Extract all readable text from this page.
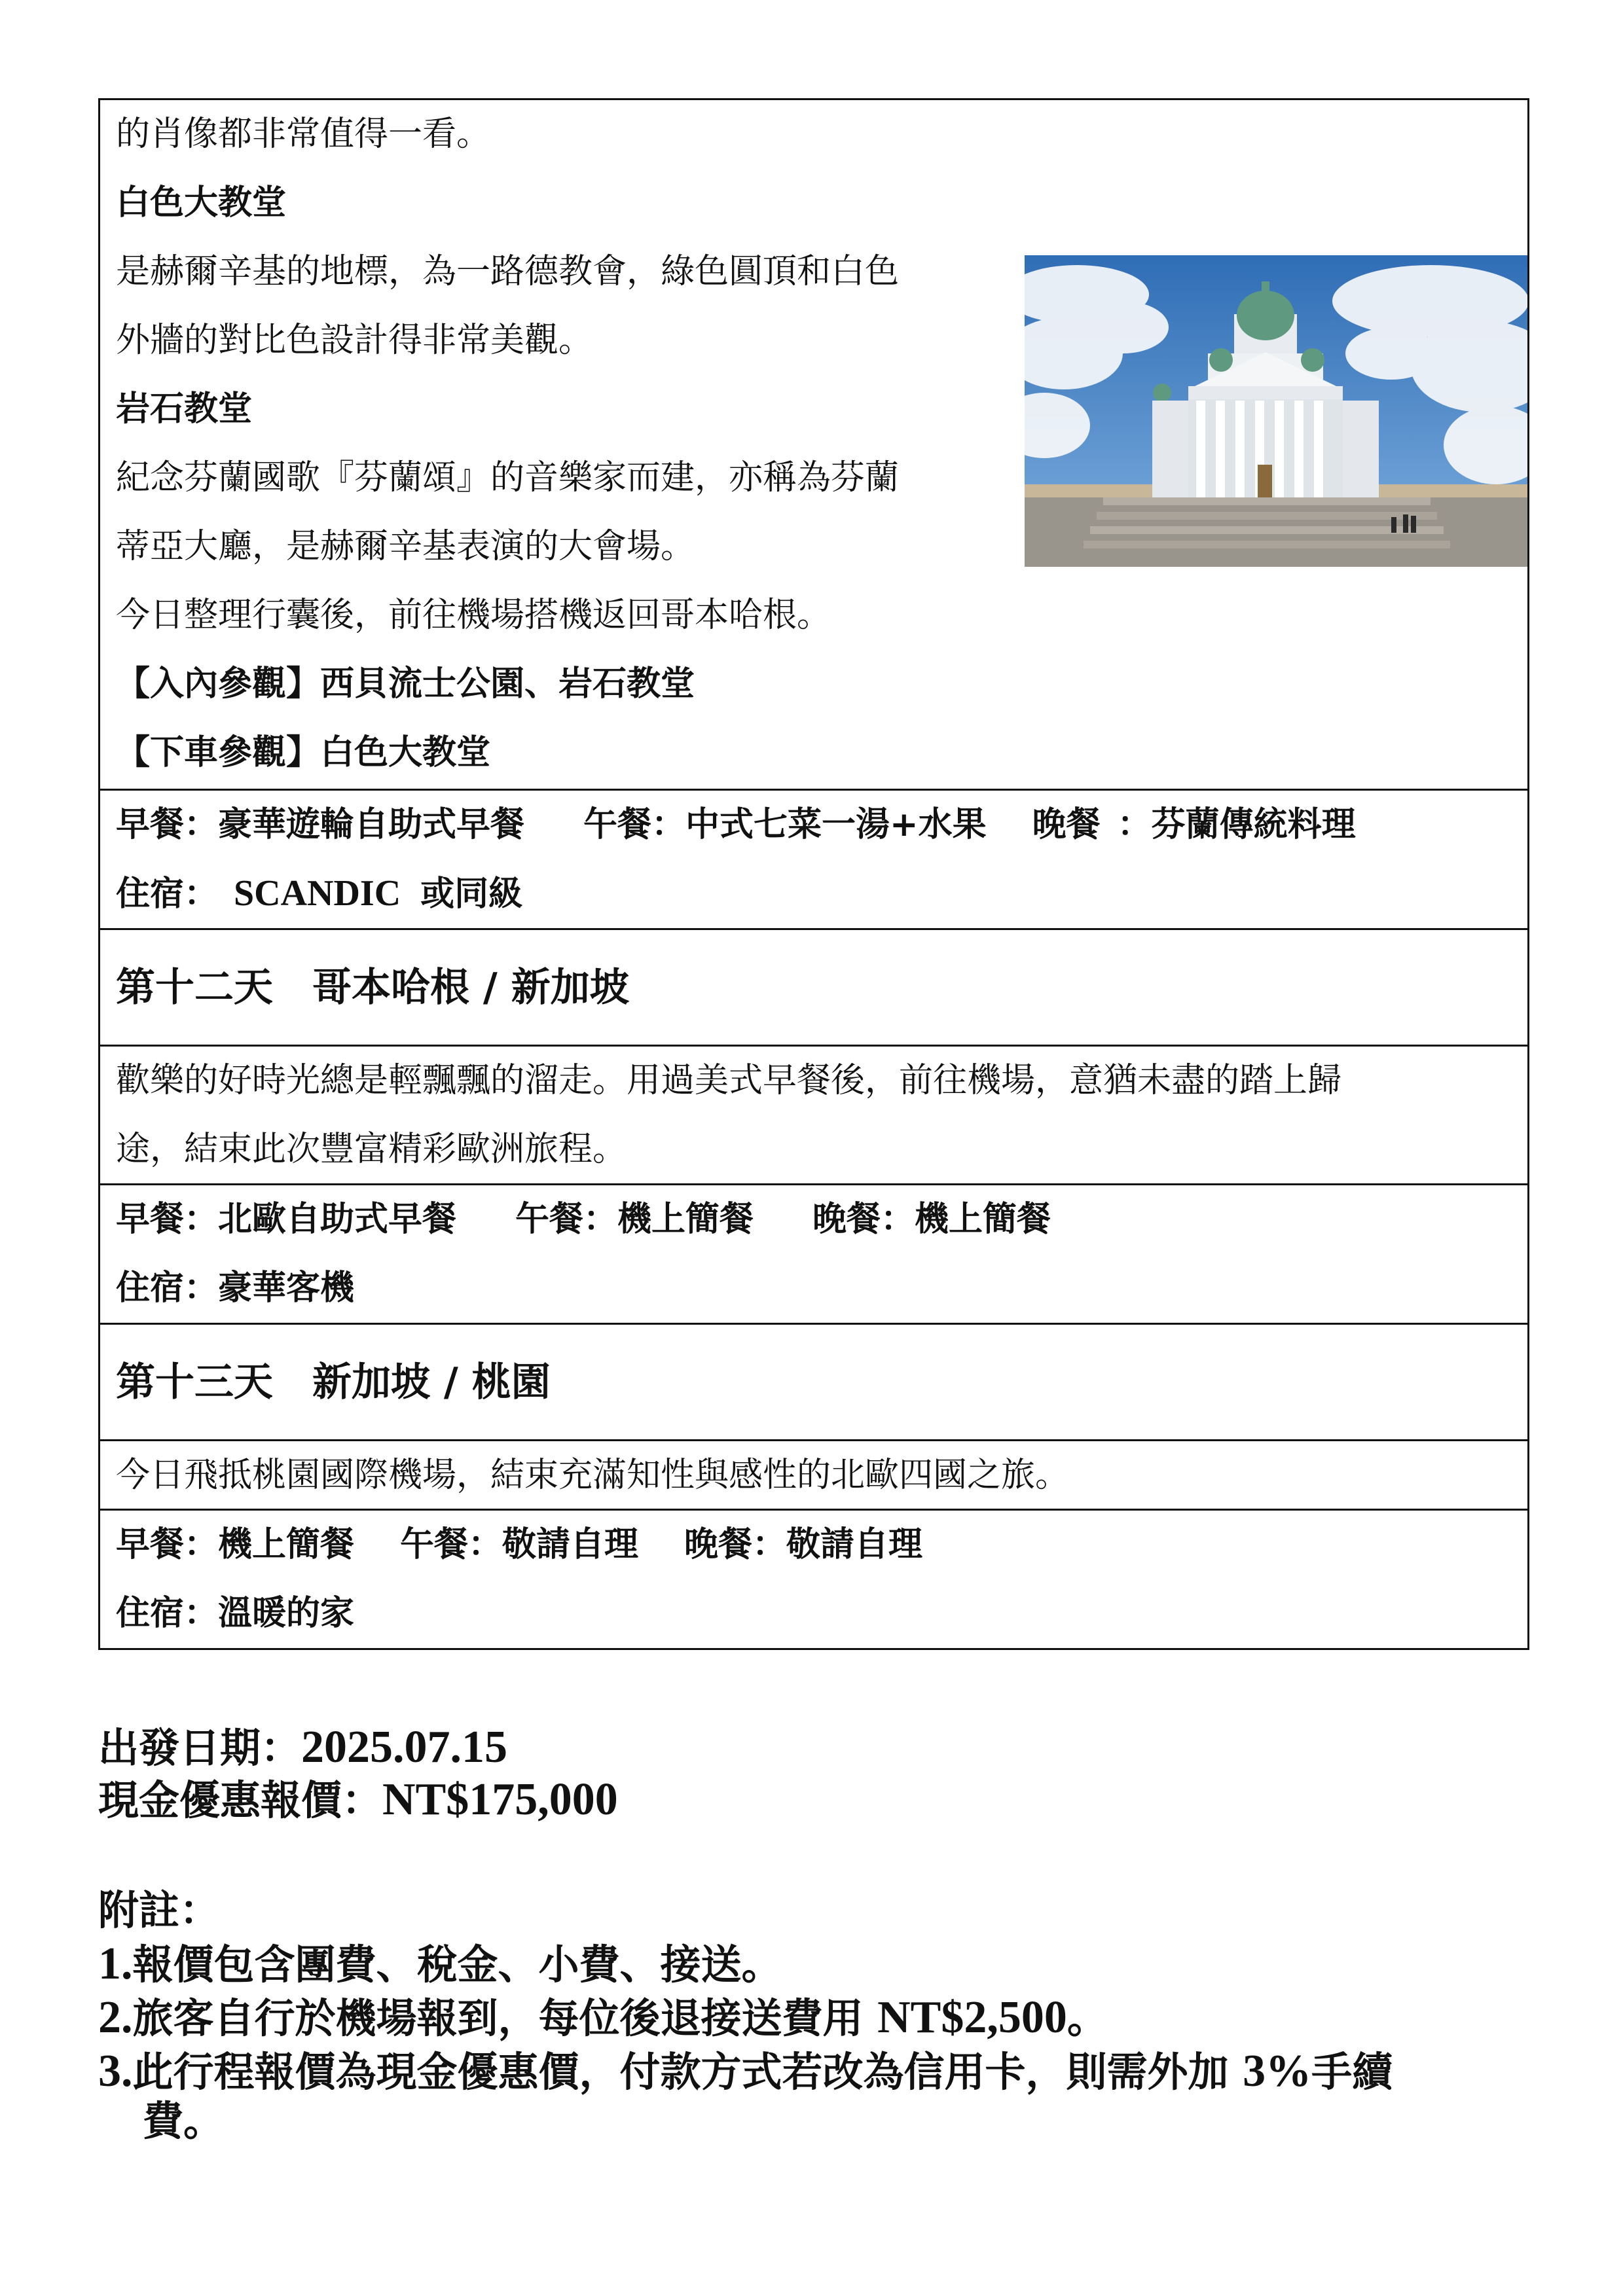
的肖像都非常值得一看。
白色大教堂
是赫爾辛基的地標，為一路德教會，綠色圓頂和白色
外牆的對比色設計得非常美觀。
岩石教堂
紀念芬蘭國歌『芬蘭頌』的音樂家而建，亦稱為芬蘭
蒂亞大廳，是赫爾辛基表演的大會場。
今日整理行囊後，前往機場搭機返回哥本哈根。
【入內參觀】西貝流士公園、岩石教堂
【下車參觀】白色大教堂
早餐：豪華遊輪自助式早餐 午餐：中式七菜一湯+水果 晚餐 ：芬蘭傳統料理
住宿： SCANDIC 或同級
第十二天　哥本哈根 / 新加坡
歡樂的好時光總是輕飄飄的溜走。用過美式早餐後，前往機場，意猶未盡的踏上歸
途，結束此次豐富精彩歐洲旅程。
早餐：北歐自助式早餐 午餐：機上簡餐 晚餐：機上簡餐
住宿：豪華客機
第十三天　新加坡 / 桃園
今日飛抵桃園國際機場，結束充滿知性與感性的北歐四國之旅。
早餐：機上簡餐 午餐：敬請自理 晚餐：敬請自理
住宿：溫暖的家
出發日期：2025.07.15
現金優惠報價：NT$175,000
附註：
1.報價包含團費、稅金、小費、接送。
2.旅客自行於機場報到，每位後退接送費用 NT$2,500。
3.此行程報價為現金優惠價，付款方式若改為信用卡，則需外加 3%手續
費。
